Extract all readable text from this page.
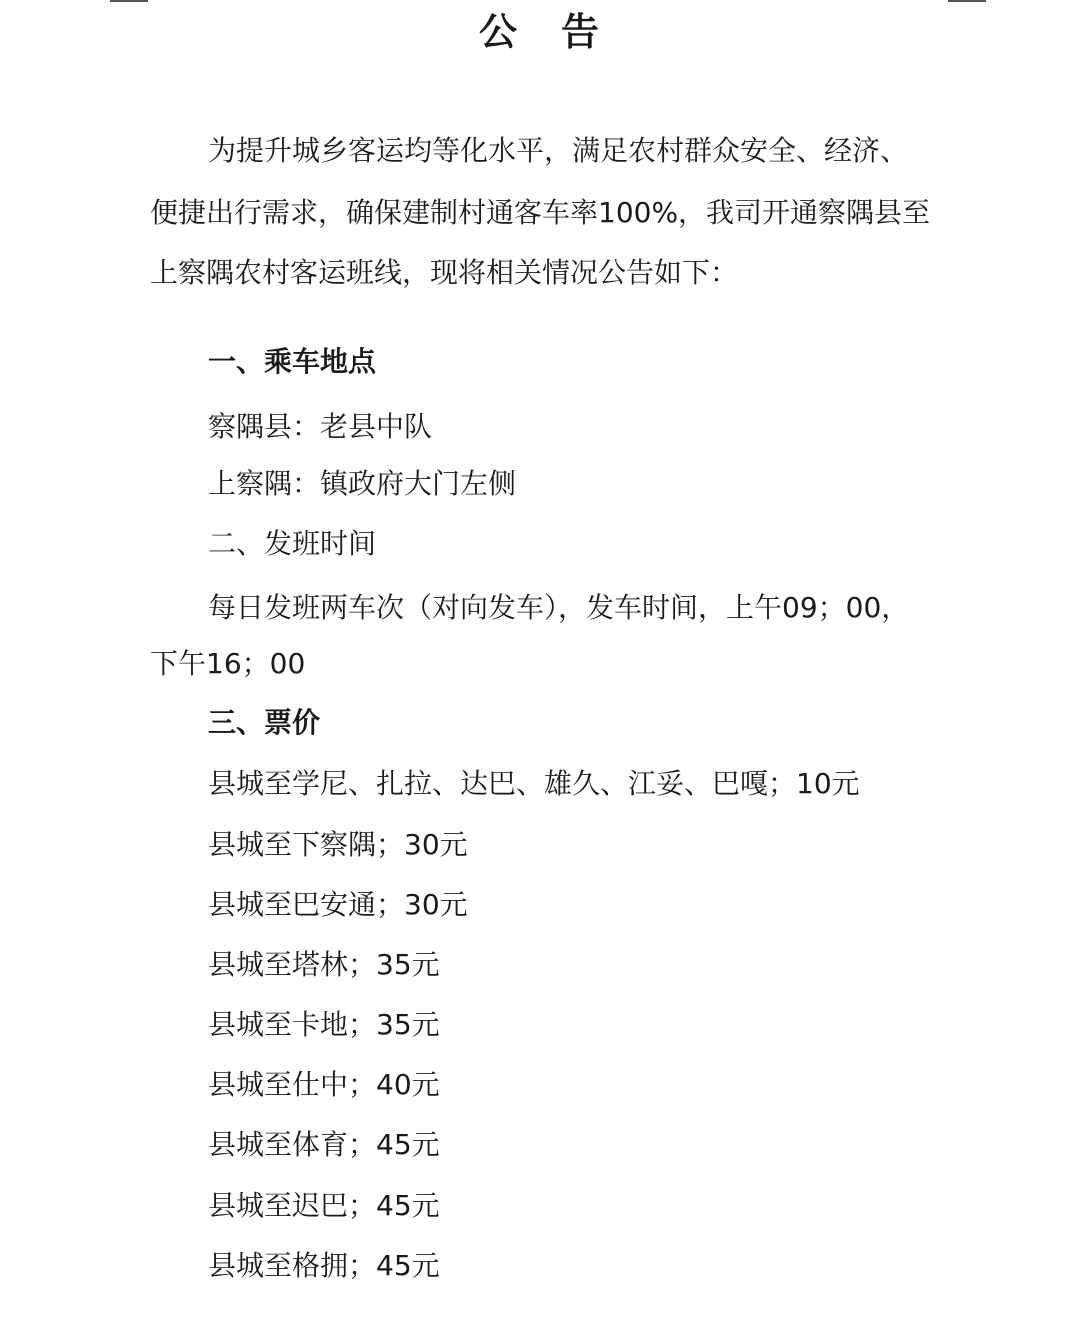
公告
为提升城乡客运均等化水平，满足农村群众安全、经济、
便捷出行需求，确保建制村通客车率100%，我司开通察隅县至
上察隅农村客运班线，现将相关情况公告如下：
一、乘车地点
察隅县：老县中队
上察隅：镇政府大门左侧
二、发班时间
每日发班两车次（对向发车），发车时间，上午09；00，
下午16；00
三、票价
县城至学尼、扎拉、达巴、雄久、江妥、巴嘎；10元
县城至下察隅；30元
县城至巴安通；30元
县城至塔林；35元
县城至卡地；35元
县城至仕中；40元
县城至体育；45元
县城至迟巴；45元
县城至格拥；45元
